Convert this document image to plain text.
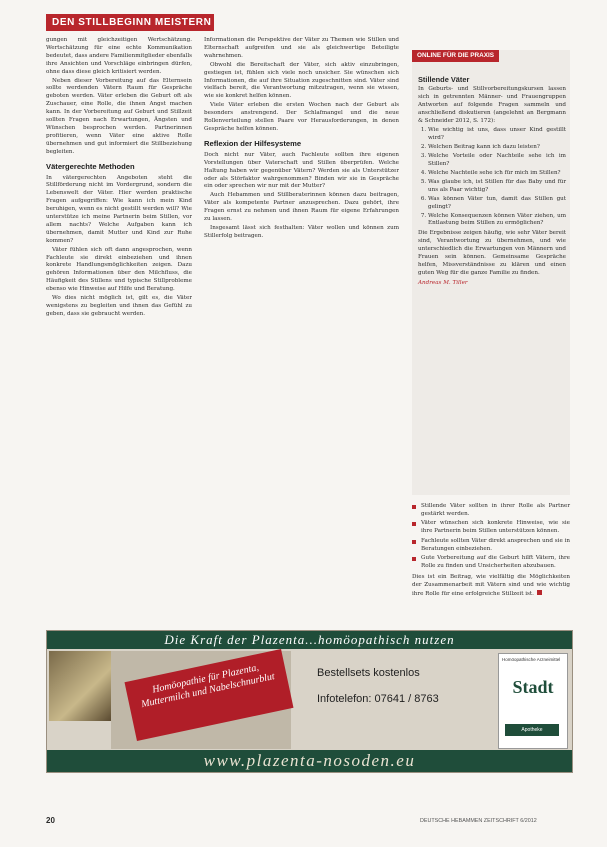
DEN STILLBEGINN MEISTERN

gungen mit gleichzeitigen Wertschätzung. Wertschätzung für eine echte Kommunikation bedeutet, dass andere Familienmitglieder ebenfalls ihre Ansichten und Vorschläge einbringen dürfen, ohne dass diese gleich kritisiert werden.

Neben dieser Vorbereitung auf das Elternsein sollte werdenden Vätern Raum für Gespräche geboten werden. Väter erleben die Geburt oft als Zuschauer, eine Rolle, die ihnen Angst machen kann. In der Vorbereitung auf Geburt und Stillzeit sollten Fragen nach Erwartungen, Ängsten und Wünschen besprochen werden. Partnerinnen profitieren, wenn Väter eine aktive Rolle übernehmen und gut informiert die Stillbeziehung begleiten.

Vätergerechte Methoden

In vätergerechten Angeboten steht die Stillförderung nicht im Vordergrund, sondern die Lebenswelt der Väter. Hier werden praktische Fragen aufgegriffen: Wie kann ich mein Kind beruhigen, wenn es nicht gestillt werden will? Wie unterstütze ich meine Partnerin beim Stillen, vor allem nachts? Welche Aufgaben kann ich übernehmen, damit Mutter und Kind zur Ruhe kommen?

Väter fühlen sich oft dann angesprochen, wenn Fachleute sie direkt einbeziehen und ihnen konkrete Handlungsmöglichkeiten zeigen. Dazu gehören Informationen über den Milchfluss, die Häufigkeit des Stillens und typische Stillprobleme ebenso wie Hinweise auf Hilfe und Beratung.

Wo dies nicht möglich ist, gilt es, die Väter wenigstens zu begleiten und ihnen das Gefühl zu geben, dass sie gebraucht werden.

Informationen die Perspektive der Väter zu Themen wie Stillen und Elternschaft aufgreifen und sie als gleichwertige Beteiligte wahrnehmen.

Obwohl die Bereitschaft der Väter, sich aktiv einzubringen, gestiegen ist, fühlen sich viele noch unsicher. Sie wünschen sich Informationen, die auf ihre Situation zugeschnitten sind. Väter sind vielfach bereit, die Verantwortung mitzutragen, wenn sie wissen, wie sie konkret helfen können.

Viele Väter erleben die ersten Wochen nach der Geburt als besonders anstrengend. Der Schlafmangel und die neue Rollenverteilung stellen Paare vor Herausforderungen, in denen Gespräche helfen können.

Reflexion der Hilfesysteme

Doch nicht nur Väter, auch Fachleute sollten ihre eigenen Vorstellungen über Vaterschaft und Stillen überprüfen. Welche Haltung haben wir gegenüber Vätern? Werden sie als Unterstützer oder als Störfaktor wahrgenommen? Binden wir sie in Gespräche ein oder sprechen wir nur mit der Mutter?

Auch Hebammen und Stillberaterinnen können dazu beitragen, Väter als kompetente Partner anzusprechen. Dazu gehört, ihre Fragen ernst zu nehmen und ihnen Raum für eigene Erfahrungen zu lassen.

Insgesamt lässt sich festhalten: Väter wollen und können zum Stillerfolg beitragen.

ONLINE FÜR DIE PRAXIS
Stillende Väter
In Geburts- und Stillvorbereitungskursen lassen sich in getrennten Männer- und Frauengruppen Antworten auf folgende Fragen sammeln und anschließend diskutieren (angelehnt an Bergmann & Schneider 2012, S. 172):
1. Wie wichtig ist uns, dass unser Kind gestillt wird?
2. Welchen Beitrag kann ich dazu leisten?
3. Welche Vorteile oder Nachteile sehe ich im Stillen?
4. Welche Nachteile sehe ich für mich im Stillen?
5. Was glaube ich, ist Stillen für das Baby und für uns als Paar wichtig?
6. Was können Väter tun, damit das Stillen gut gelingt?
7. Welche Konsequenzen können Väter ziehen, um Entlastung beim Stillen zu ermöglichen?
Die Ergebnisse zeigen häufig, wie sehr Väter bereit sind, Verantwortung zu übernehmen, und wie unterschiedlich die Erwartungen von Männern und Frauen sein können. Gemeinsame Gespräche helfen, Missverständnisse zu klären und einen guten Weg für die ganze Familie zu finden.
Andreas M. Tiller
Stillende Väter sollten in ihrer Rolle als Partner gestärkt werden.
Väter wünschen sich konkrete Hinweise, wie sie ihre Partnerin beim Stillen unterstützen können.
Fachleute sollten Väter direkt ansprechen und sie in Beratungen einbeziehen.
Gute Vorbereitung auf die Geburt hilft Vätern, ihre Rolle zu finden und Unsicherheiten abzubauen.

Dies ist ein Beitrag, wie vielfältig die Möglichkeiten der Zusammenarbeit mit Vätern sind und wie wichtig ihre Rolle für eine erfolgreiche Stillzeit ist.

Die Kraft der Plazenta...homöopathisch nutzen
Homöopathie für Plazenta, Muttermilch und Nabelschnurblut	Bestellsets kostenlos
Infotelefon: 07641 / 8763
Homöopathische Arzneimittel
Stadt
Apotheke
www.plazenta-nosoden.eu
20	DEUTSCHE HEBAMMEN ZEITSCHRIFT 6/2012
